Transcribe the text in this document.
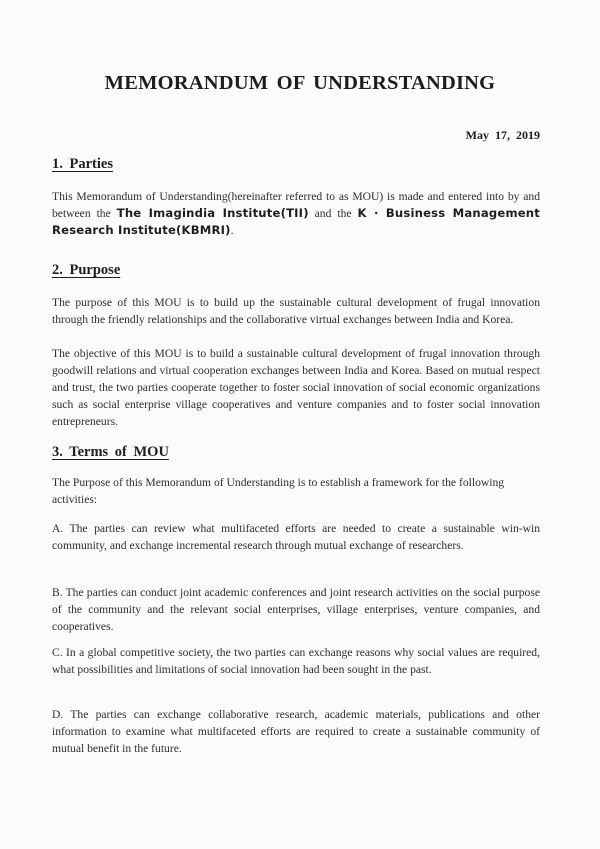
MEMORANDUM OF UNDERSTANDING
May 17, 2019
1. Parties

This Memorandum of Understanding(hereinafter referred to as MOU) is made and entered into by and between the The Imagindia Institute(TII) and the K · Business Management Research Institute(KBMRI).

2. Purpose

The purpose of this MOU is to build up the sustainable cultural development of frugal innovation through the friendly relationships and the collaborative virtual exchanges between India and Korea.

The objective of this MOU is to build a sustainable cultural development of frugal innovation through goodwill relations and virtual cooperation exchanges between India and Korea. Based on mutual respect and trust, the two parties cooperate together to foster social innovation of social economic organizations such as social enterprise village cooperatives and venture companies and to foster social innovation entrepreneurs.

3. Terms of MOU

The Purpose of this Memorandum of Understanding is to establish a framework for the following activities:

A. The parties can review what multifaceted efforts are needed to create a sustainable win-win community, and exchange incremental research through mutual exchange of researchers.

B. The parties can conduct joint academic conferences and joint research activities on the social purpose of the community and the relevant social enterprises, village enterprises, venture companies, and cooperatives.

C. In a global competitive society, the two parties can exchange reasons why social values are required, what possibilities and limitations of social innovation had been sought in the past.

D. The parties can exchange collaborative research, academic materials, publications and other information to examine what multifaceted efforts are required to create a sustainable community of mutual benefit in the future.
